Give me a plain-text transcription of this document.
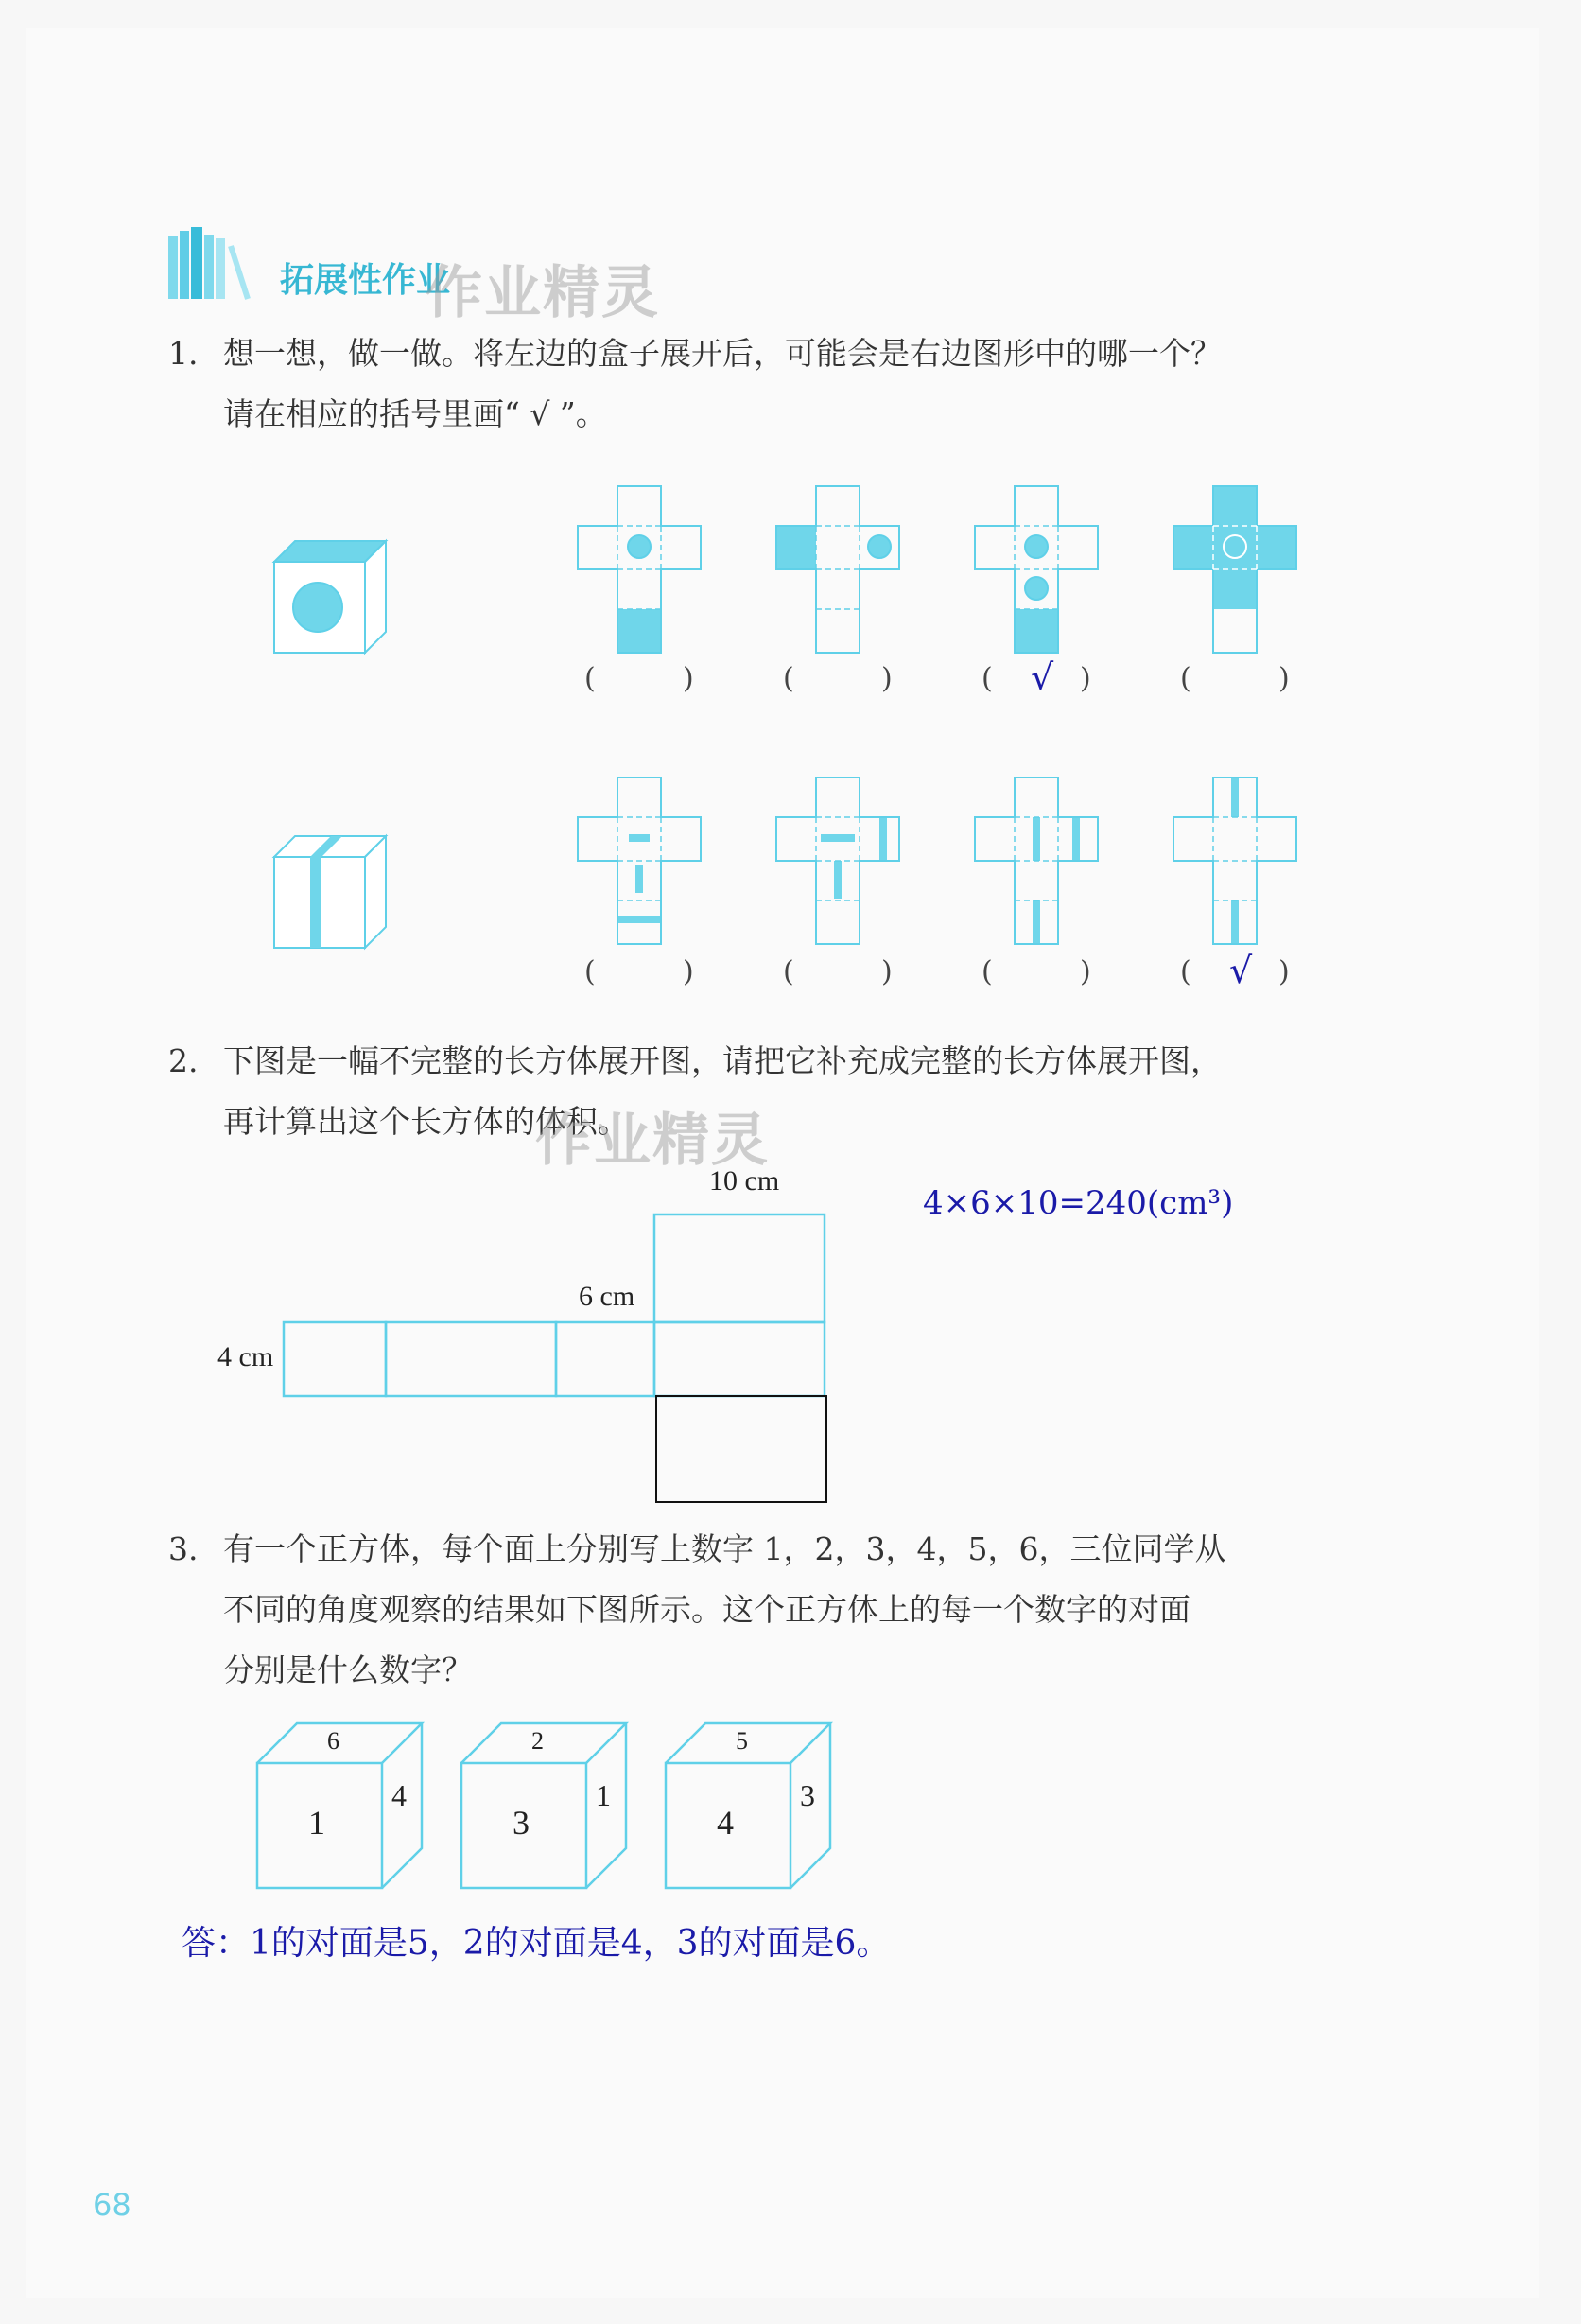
拓展性作业
作业精灵
1. 想一想，做一做。将左边的盒子展开后，可能会是右边图形中的哪一个？
请在相应的括号里画“ √ ”。
(	)	(	)	( √ )	(	)
(	)	(	)	(	)	( √ )
2. 下图是一幅不完整的长方体展开图，请把它补充成完整的长方体展开图，
再计算出这个长方体的体积。
作业精灵
10 cm
6 cm
4 cm
4×6×10=240(cm³)
3. 有一个正方体，每个面上分别写上数字 1，2，3，4，5，6，三位同学从
不同的角度观察的结果如下图所示。这个正方体上的每一个数字的对面
分别是什么数字？
6
1
4
2
3
1
5
4
3
答：1的对面是5，2的对面是4，3的对面是6。
68
